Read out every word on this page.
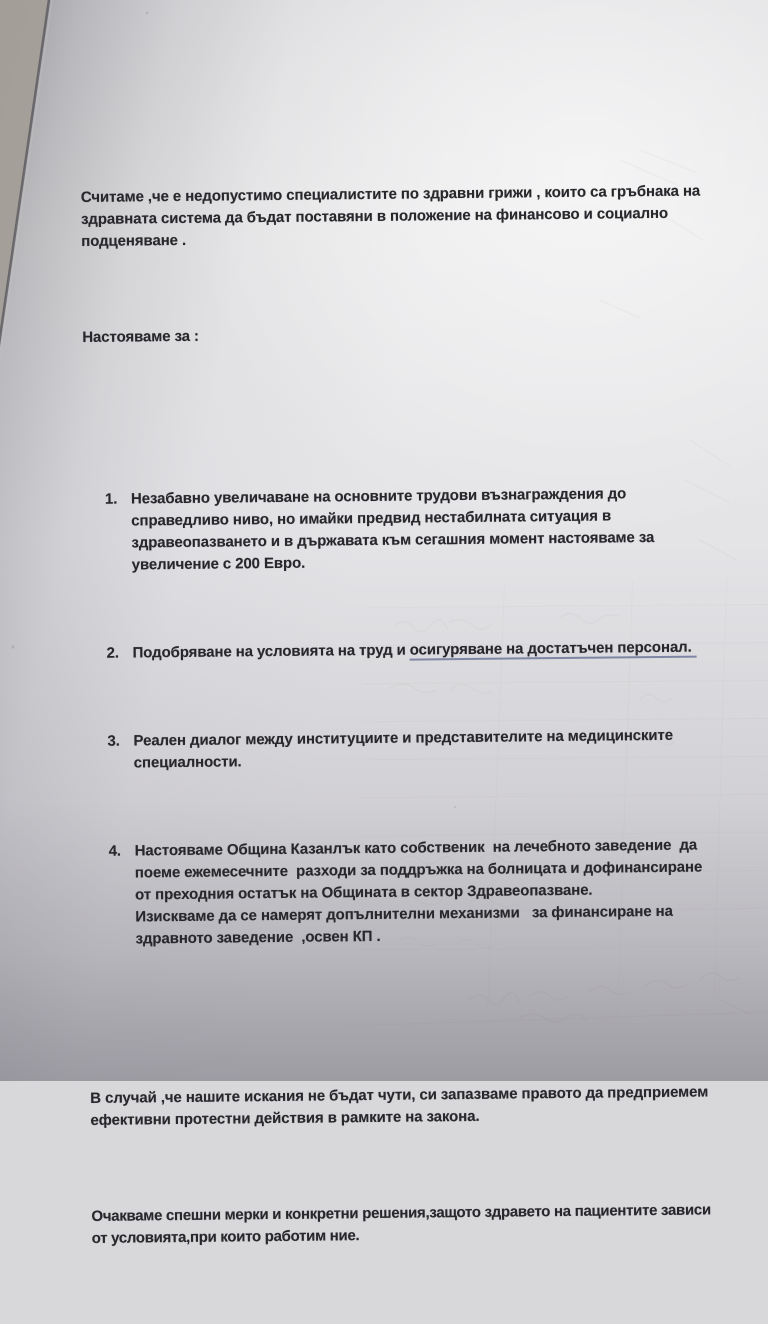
Считаме ,че е недопустимо специалистите по здравни грижи , които са гръбнака на здравната система да бъдат поставяни в положение на финансово и социално подценяване .

Настояваме за :

1. Незабавно увеличаване на основните трудови възнаграждения до справедливо ниво, но имайки предвид нестабилната ситуация в здравеопазването и в държавата към сегашния момент настояваме за увеличение с 200 Евро.

2. Подобряване на условията на труд и осигуряване на достатъчен персонал.

3. Реален диалог между институциите и представителите на медицинските специалности.

4. Настояваме Община Казанлък като собственик  на лечебното заведение  да поеме ежемесечните  разходи за поддръжка на болницата и дофинансиране от преходния остатък на Общината в сектор Здравеопазване.
Изискваме да се намерят допълнителни механизми   за финансиране на здравното заведение  ,освен КП .

В случай ,че нашите искания не бъдат чути, си запазваме правото да предприемем ефективни протестни действия в рамките на закона.

Очакваме спешни мерки и конкретни решения,защото здравето на пациентите зависи от условията,при които работим ние.
